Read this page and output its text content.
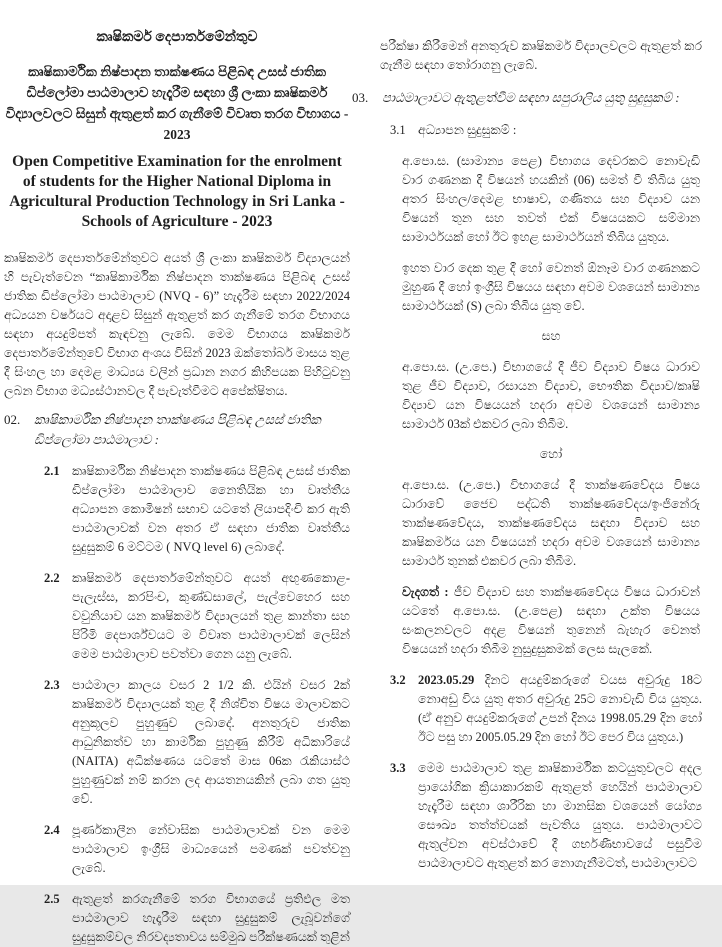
කෘෂිකර්ම දෙපාර්තමේන්තුව
කෘෂිකාර්මික නිෂ්පාදන තාක්ෂණය පිළිබඳ උසස් ජාතික ඩිප්ලෝමා පාඨමාලාව හැදෑරීම සඳහා ශ්‍රී ලංකා කෘෂිකර්ම විද්‍යාලවලට සිසුන් ඇතුළත් කර ගැනීමේ විවෘත තරග විභාගය - 2023
Open Competitive Examination for the enrolment of students for the Higher National Diploma in Agricultural Production Technology in Sri Lanka - Schools of Agriculture - 2023

කෘෂිකර්ම දෙපාර්තමේන්තුවට අයත් ශ්‍රී ලංකා කෘෂිකර්ම විද්‍යාලයන් හි පැවැත්වෙන “කෘෂිකාර්මික නිෂ්පාදන තාක්ෂණය පිළිබඳ උසස් ජාතික ඩිප්ලෝමා පාඨමාලාව (NVQ - 6)” හැදෑරීම සඳහා 2022/2024 අධ්‍යයන වර්ෂයට අදාළව සිසුන් ඇතුළත් කර ගැනීමේ තරග විභාගය සඳහා අයදුම්පත් කැඳවනු ලැබේ. මෙම විභාගය කෘෂිකර්ම දෙපාර්තමේන්තුවේ විභාග අංශය විසින් 2023 ඔක්තෝබර් මාසය තුළ දී සිංහල හා දෙමළ මාධ්‍යය වලින් ප්‍රධාන නගර කිහිපයක පිහිටුවනු ලබන විභාග මධ්‍යස්ථානවල දී පැවැත්වීමට අපේක්ෂිතය.

02.	කෘෂිකාර්මික නිෂ්පාදන තාක්ෂණය පිළිබඳ උසස් ජාතික ඩිප්ලෝමා පාඨමාලාව :
2.1 කෘෂිකාර්මික නිෂ්පාදන තාක්ෂණය පිළිබඳ උසස් ජාතික ඩිප්ලෝමා පාඨමාලාව නෛතියික හා වෘත්තීය අධ්‍යාපන කොමිෂන් සභාව යටතේ ලියාපදිංචි කර ඇති පාඨමාලාවක් වන අතර ඒ සඳහා ජාතික වෘත්තීය සුදුසුකම් 6 මට්ටම ( NVQ level 6) ලබාදේ.
2.2 කෘෂිකර්ම දෙපාර්තමේන්තුවට අයත් අඟුණකොළ-පැලැස්ස, කරපිංච, කුණ්ඩසාලේ, පැල්වෙහෙර සහ වවුනියාව යන කෘෂිකර්ම විද්‍යාලයන් තුළ කාන්තා සහ පිරිමි දෙපාර්ශ්වයට ම විවෘත පාඨමාලාවක් ලෙසින් මෙම පාඨමාලාව පවත්වා ගෙන යනු ලැබේ.
2.3 පාඨමාලා කාලය වසර 2 1/2 කි. එයින් වසර 2ක් කෘෂිකර්ම විද්‍යාලයක් තුළ දී නිශ්චිත විෂය මාලාවකට අනුකූලව පුහුණුව ලබාදේ. අනතුරුව ජාතික ආධුනිකත්ව හා කාර්මික පුහුණු කිරීම් අධිකාරියේ (NAITA) අධීක්ෂණය යටතේ මාස 06ක රැකියාස්ථ පුහුණුවක් නම් කරන ලද ආයතනයකින් ලබා ගත යුතු වේ.
2.4 පූර්ණකාලීන නේවාසික පාඨමාලාවක් වන මෙම පාඨමාලාව ඉංග්‍රීසි මාධ්‍යයෙන් පමණක් පවත්වනු ලැබේ.
2.5 ඇතුළත් කරගැනීමේ තරග විභාගයේ ප්‍රතිඵල මත පාඨමාලාව හැදෑරීම සඳහා සුදුසුකම් ලැබූවන්ගේ සුදුසුකම්වල නිරවද්‍යතාවය සම්මුඛ පරීක්ෂණයක් තුළින්

පරීක්ෂා කිරීමෙන් අනතුරුව කෘෂිකර්ම විද්‍යාලවලට ඇතුළත් කර ගැනීම සඳහා තෝරාගනු ලැබේ.

03.	පාඨමාලාවට ඇතුළත්වීම සඳහා සපුරාලිය යුතු සුදුසුකම් :
3.1 අධ්‍යාපන සුදුසුකම් :

අ.පො.ස. (සාමාන්‍ය පෙළ) විභාගය දෙවරකට නොවැඩි වාර ගණනක දී විෂයන් හයකින් (06) සමත් වී තිබිය යුතු අතර සිංහල/දෙමළ භාෂාව, ගණිතය සහ විද්‍යාව යන විෂයන් තුන සහ තවත් එක් විෂයයකට සම්මාන සාමාර්ථයක් හෝ ඊට ඉහළ සාමාර්ථයන් තිබිය යුතුය.

ඉහත වාර දෙක තුළ දී හෝ වෙනත් ඕනෑම වාර ගණනකට මුහුණ දී හෝ ඉංග්‍රීසි විෂයය සඳහා අවම වශයෙන් සාමාන්‍ය සාමාර්ථයක් (S) ලබා තිබිය යුතු වේ.

සහ

අ.පො.ස. (උ.පෙ.) විභාගයේ දී ජීව විද්‍යාව විෂය ධාරාව තුළ ජීව විද්‍යාව, රසායන විද්‍යාව, භෞතික විද්‍යාව/කෘෂි විද්‍යාව යන විෂයයන් හදරා අවම වශයෙන් සාමාන්‍ය සාමාර්ථ 03ක් එකවර ලබා තිබීම.

හෝ

අ.පො.ස. (උ.පෙ.) විභාගයේ දී තාක්ෂණවේදය විෂය ධාරාවේ ජෛව පද්ධති තාක්ෂණවේදය/ඉංජිනේරු තාක්ෂණවේදය, තාක්ෂණවේදය සඳහා විද්‍යාව සහ කෘෂිකර්මය යන විෂයයන් හදරා අවම වශයෙන් සාමාන්‍ය සාමාර්ථ තුනක් එකවර ලබා තිබීම.

වැදගත් : ජීව විද්‍යාව සහ තාක්ෂණවේදය විෂය ධාරාවන් යටතේ අ.පො.ස. (උ.පෙළ) සඳහා උක්ත විෂයය සංකලනවලට අදළ විෂයන් තුනෙන් බැහැර වෙනත් විෂයයන් හදරා තිබීම නුසුදුසුකමක් ලෙස සැලකේ.

3.2 2023.05.29 දිනට අයදුම්කරුගේ වයස අවුරුදු 18ට නොඅඩු විය යුතු අතර අවුරුදු 25ට නොවැඩි විය යුතුය. (ඒ අනුව අයදුම්කරුගේ උපන් දිනය 1998.05.29 දින හෝ ඊට පසු හා 2005.05.29 දින හෝ ඊට පෙර විය යුතුය.)
3.3 මෙම පාඨමාලාව තුළ කෘෂිකාර්මික කටයුතුවලට අදල ප්‍රායෝගික ක්‍රියාකාරකම් ඇතුළත් හෙයින් පාඨමාලාව හැදෑරීම සඳහා ශාරීරික හා මානසික වශයෙන් යෝග්‍ය සෞඛ්‍ය තත්ත්වයක් පැවතිය යුතුය. පාඨමාලාවට ඇතුල්වන අවස්ථාවේ දී ගර්භණීභාවයේ පසුවීම පාඨමාලාවට ඇතුළත් කර නොගැනීමටත්, පාඨමාලාවට
